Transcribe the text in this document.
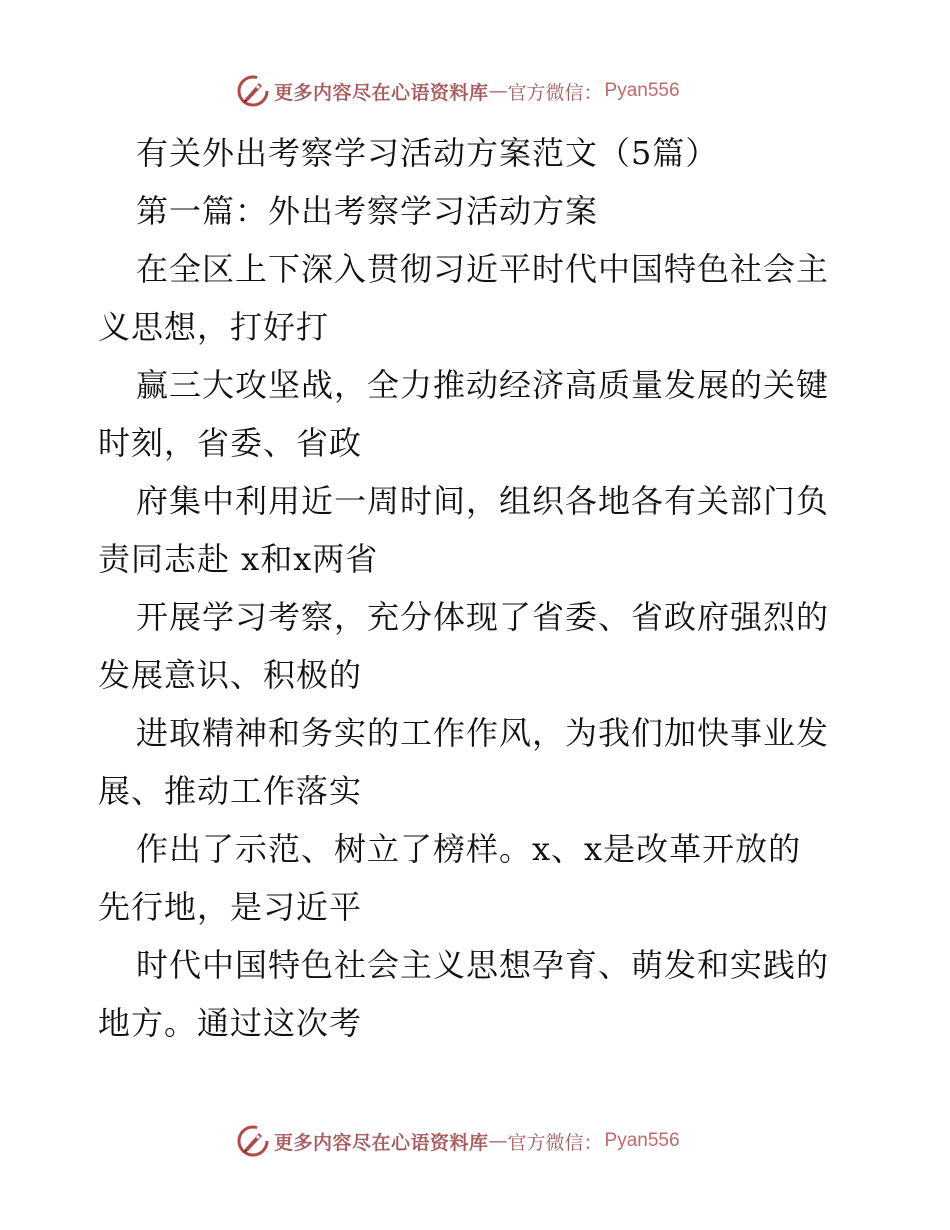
更多内容尽在心语资料库 — 官方微信： Pyan556
有关外出考察学习活动方案范文（5篇）
第一篇：外出考察学习活动方案
在全区上下深入贯彻习近平时代中国特色社会主
义思想，打好打
赢三大攻坚战，全力推动经济高质量发展的关键
时刻，省委、省政
府集中利用近一周时间，组织各地各有关部门负
责同志赴 x和x两省
开展学习考察，充分体现了省委、省政府强烈的
发展意识、积极的
进取精神和务实的工作作风，为我们加快事业发
展、推动工作落实
作出了示范、树立了榜样。x、x是改革开放的
先行地，是习近平
时代中国特色社会主义思想孕育、萌发和实践的
地方。通过这次考
更多内容尽在心语资料库 — 官方微信： Pyan556
